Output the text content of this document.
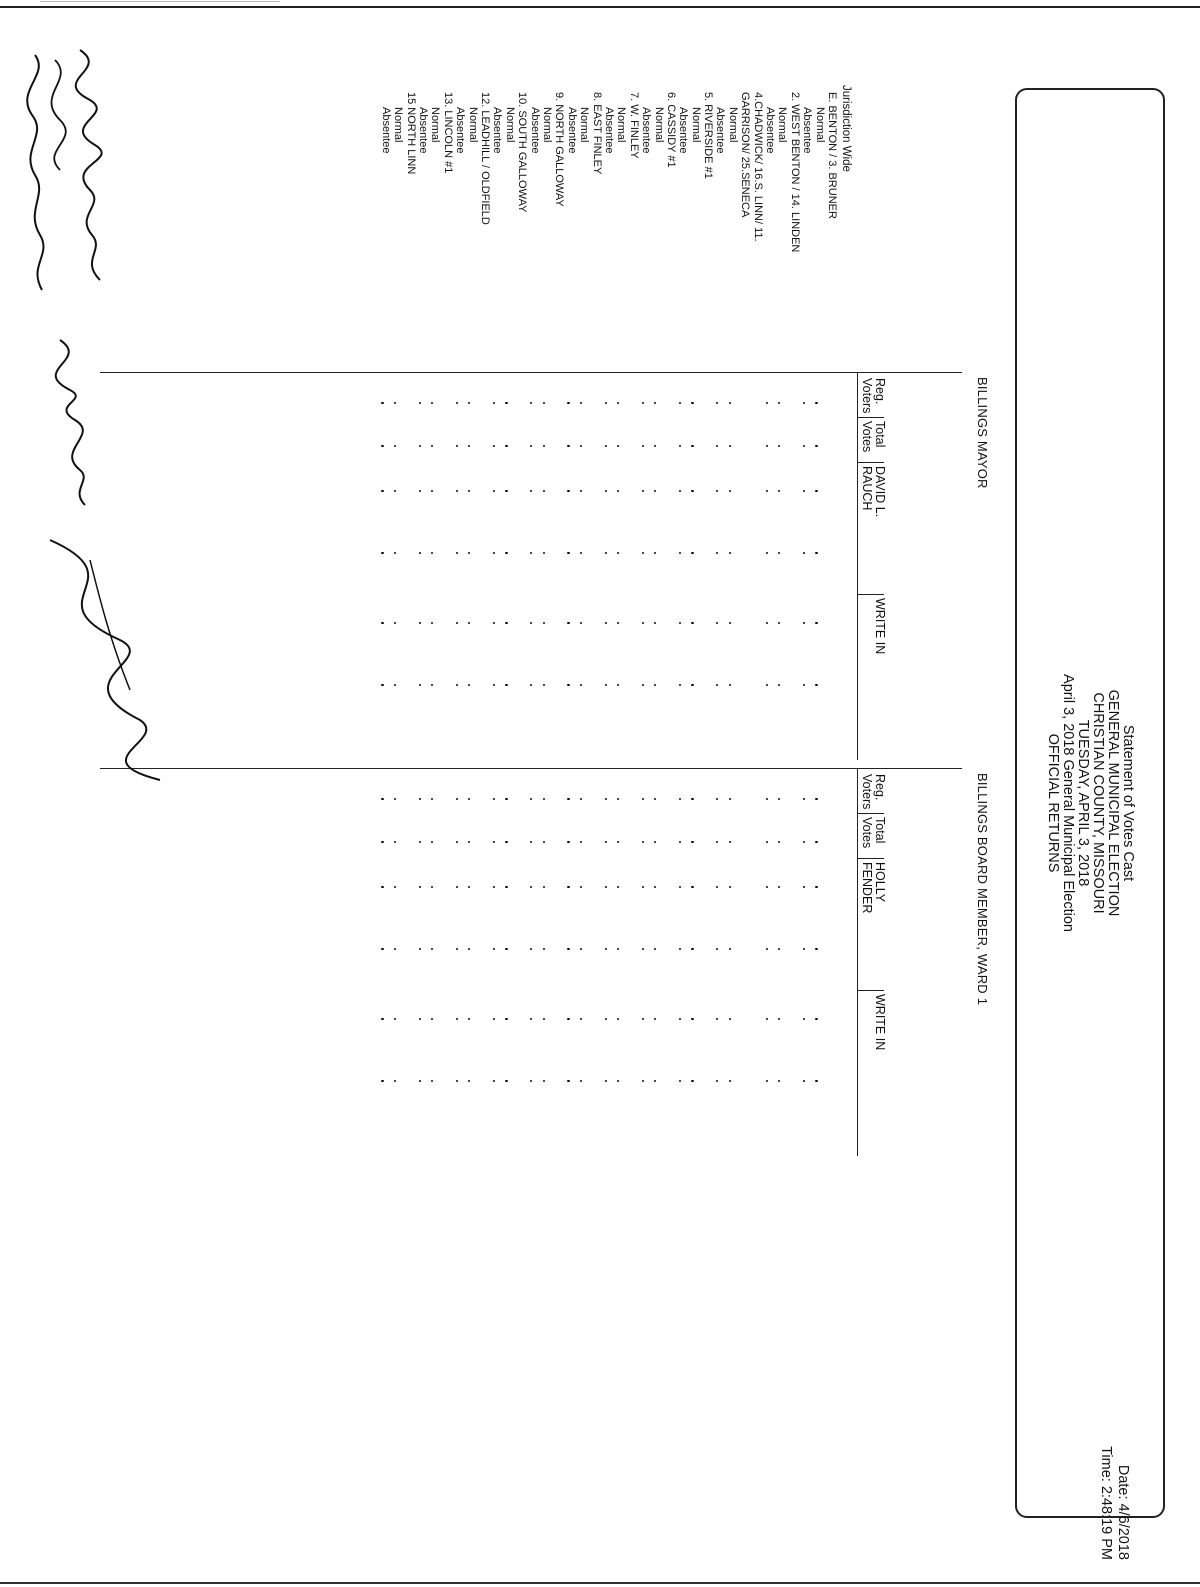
Statement of Votes Cast
GENERAL MUNICIPAL ELECTION
CHRISTIAN COUNTY, MISSOURI
TUESDAY, APRIL 3, 2018
April 3, 2018 General Municipal Election
OFFICIAL RETURNS
Date: 4/6/2018
Time: 2:48:19 PM
Jurisdiction Wide
E. BENTON / 3. BRUNER
Normal
Absentee
2. WEST BENTON / 14. LINDEN
Normal
Absentee
4.CHADWICK/ 16.S. LINN/ 11.
GARRISON/ 25.SENECA
Normal
Absentee
5. RIVERSIDE #1
Normal
Absentee
6. CASSIDY #1
Normal
Absentee
7. W. FINLEY
Normal
Absentee
8. EAST FINLEY
Normal
Absentee
9. NORTH GALLOWAY
Normal
Absentee
10. SOUTH GALLOWAY
Normal
Absentee
12. LEADHILL / OLDFIELD
Normal
Absentee
13. LINCOLN #1
Normal
Absentee
15 NORTH LINN
Normal
Absentee
BILLINGS MAYOR
Reg.
Voters
Total
Votes
DAVID L.
RAUCH
WRITE IN
BILLINGS BOARD MEMBER, WARD 1
Reg.
Voters
Total
Votes
HOLLY
FENDER
WRITE IN
